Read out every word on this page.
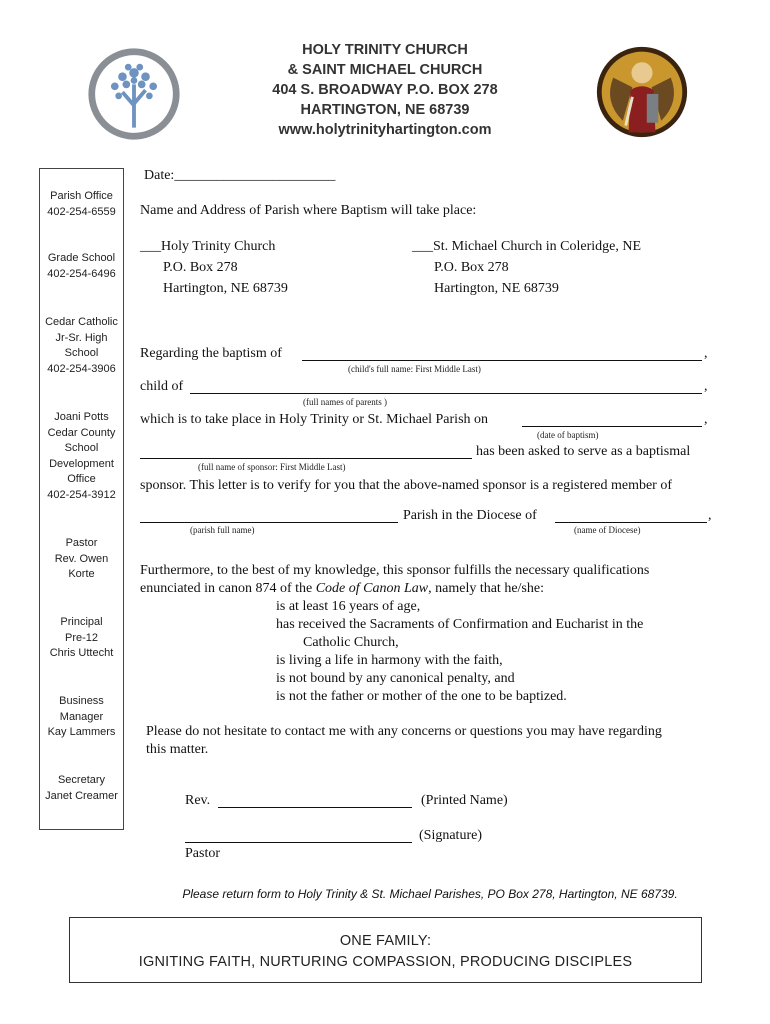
HOLY TRINITY CHURCH
& SAINT MICHAEL CHURCH
404 S. BROADWAY P.O. BOX 278
HARTINGTON, NE 68739
www.holytrinityhartington.com
Parish Office
402-254-6559
Grade School
402-254-6496
Cedar Catholic
Jr-Sr. High
School
402-254-3906
Joani Potts
Cedar County
School
Development
Office
402-254-3912
Pastor
Rev. Owen
Korte
Principal
Pre-12
Chris Uttecht
Business
Manager
Kay Lammers
Secretary
Janet Creamer
Date:_______________________
Name and Address of Parish where Baptism will take place:
___Holy Trinity Church
P.O. Box 278
Hartington, NE 68739
___St. Michael Church in Coleridge, NE
P.O. Box 278
Hartington, NE 68739
Regarding the baptism of	,
(child's full name: First Middle Last)
child of	,
(full names of parents )
which is to take place in Holy Trinity or St. Michael Parish on	,
(date of baptism)
has been asked to serve as a baptismal
(full name of sponsor: First Middle Last)
sponsor. This letter is to verify for you that the above-named sponsor is a registered member of
Parish in the Diocese of	,
(parish full name)	(name of Diocese)
Furthermore, to the best of my knowledge, this sponsor fulfills the necessary qualifications
enunciated in canon 874 of the Code of Canon Law, namely that he/she:
is at least 16 years of age,
has received the Sacraments of Confirmation and Eucharist in the
Catholic Church,
is living a life in harmony with the faith,
is not bound by any canonical penalty, and
is not the father or mother of the one to be baptized.
Please do not hesitate to contact me with any concerns or questions you may have regarding
this matter.
Rev.	(Printed Name)
(Signature)
Pastor
Please return form to Holy Trinity & St. Michael Parishes, PO Box 278, Hartington, NE 68739.
ONE FAMILY:
IGNITING FAITH, NURTURING COMPASSION, PRODUCING DISCIPLES
